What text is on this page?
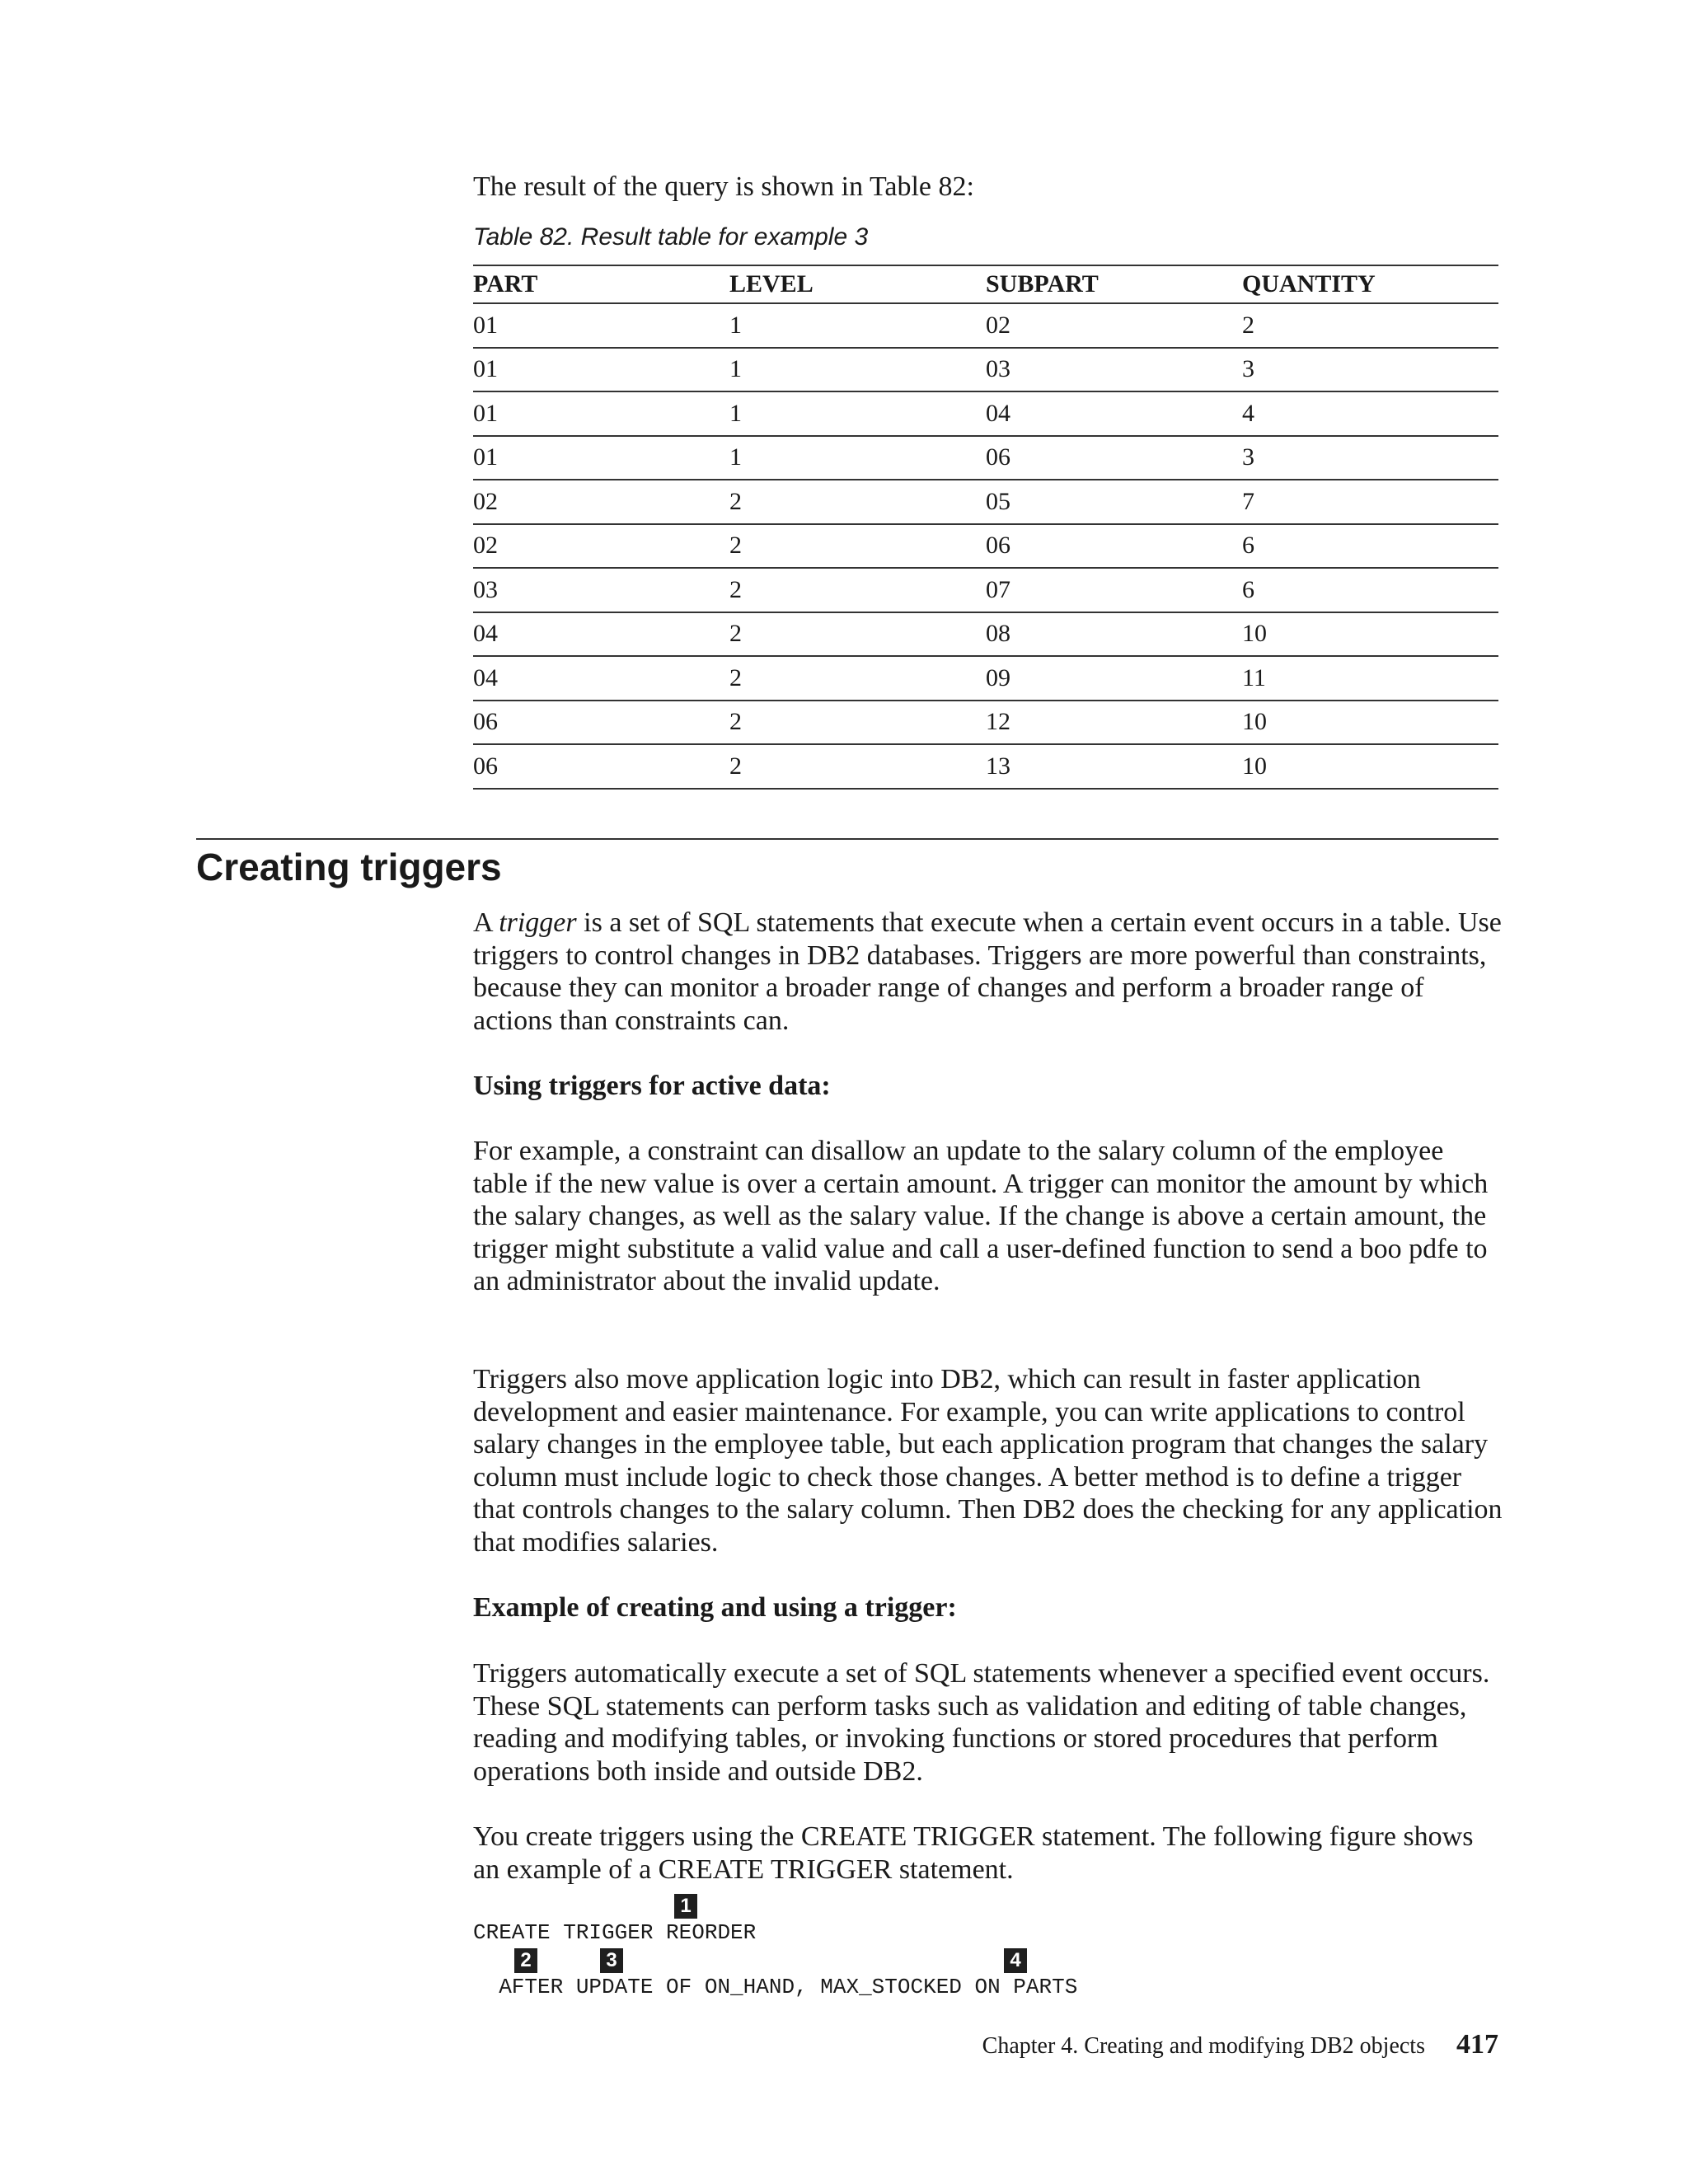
The result of the query is shown in Table 82:

Table 82. Result table for example 3

PART	LEVEL	SUBPART	QUANTITY
01	1	02	2
01	1	03	3
01	1	04	4
01	1	06	3
02	2	05	7
02	2	06	6
03	2	07	6
04	2	08	10
04	2	09	11
06	2	12	10
06	2	13	10
Creating triggers

A trigger is a set of SQL statements that execute when a certain event occurs in a table. Use triggers to control changes in DB2 databases. Triggers are more powerful than constraints, because they can monitor a broader range of changes and perform a broader range of actions than constraints can.

Using triggers for active data:

For example, a constraint can disallow an update to the salary column of the employee table if the new value is over a certain amount. A trigger can monitor the amount by which the salary changes, as well as the salary value. If the change is above a certain amount, the trigger might substitute a valid value and call a user-defined function to send a boo pdfe to an administrator about the invalid update.

Triggers also move application logic into DB2, which can result in faster application development and easier maintenance. For example, you can write applications to control salary changes in the employee table, but each application program that changes the salary column must include logic to check those changes. A better method is to define a trigger that controls changes to the salary column. Then DB2 does the checking for any application that modifies salaries.

Example of creating and using a trigger:

Triggers automatically execute a set of SQL statements whenever a specified event occurs. These SQL statements can perform tasks such as validation and editing of table changes, reading and modifying tables, or invoking functions or stored procedures that perform operations both inside and outside DB2.

You create triggers using the CREATE TRIGGER statement. The following figure shows an example of a CREATE TRIGGER statement.

1
CREATE TRIGGER REORDER
2	3	4
AFTER UPDATE OF ON_HAND, MAX_STOCKED ON PARTS
Chapter 4. Creating and modifying DB2 objects 417
